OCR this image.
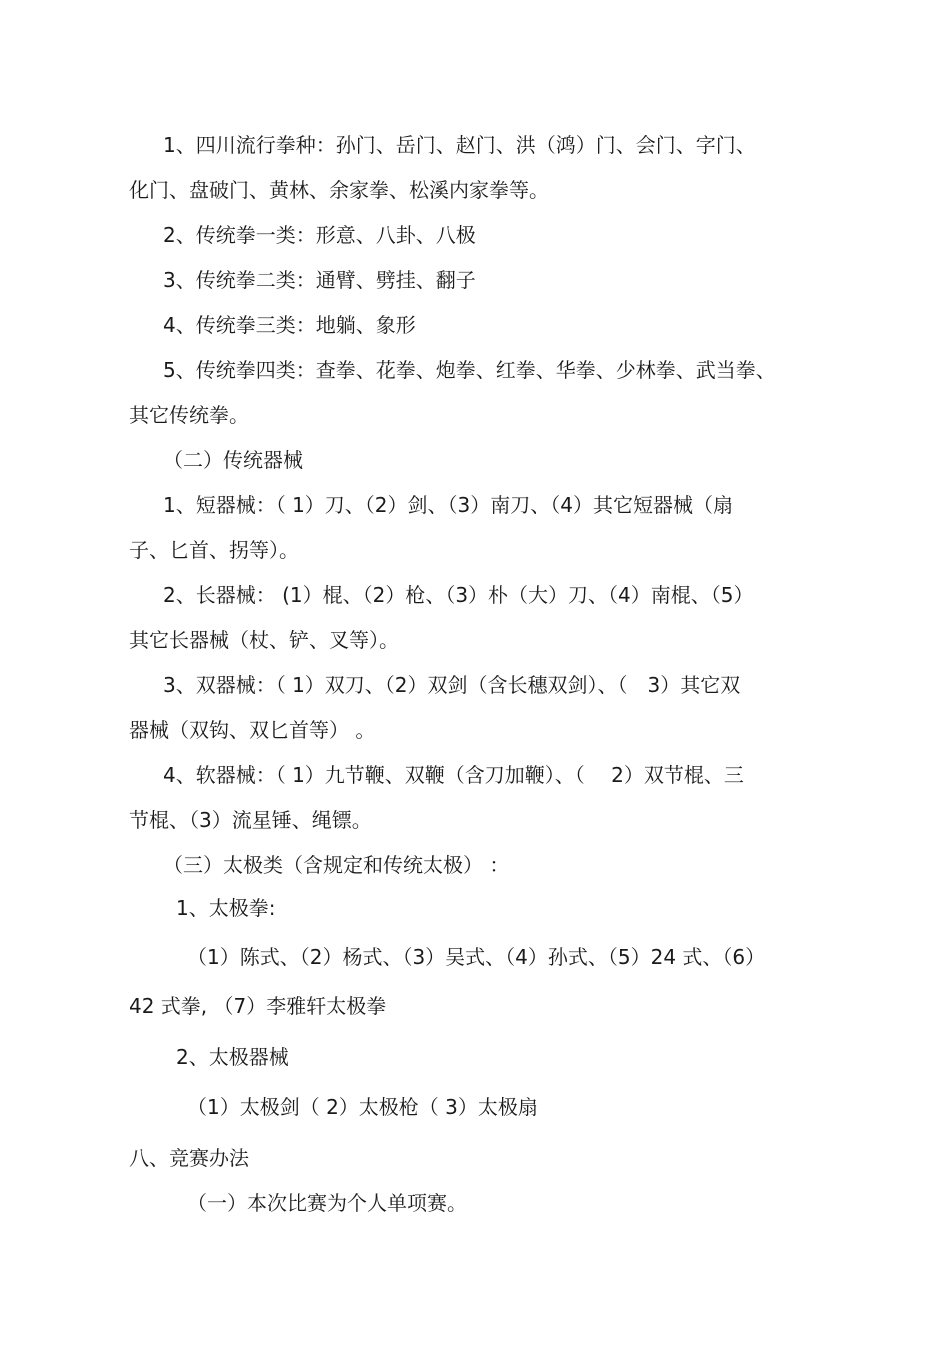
1、四川流行拳种：孙门、岳门、赵门、洪（鸿）门、会门、字门、
化门、盘破门、黄林、余家拳、松溪内家拳等。
2、传统拳一类：形意、八卦、八极
3、传统拳二类：通臂、劈挂、翻子
4、传统拳三类：地躺、象形
5、传统拳四类：查拳、花拳、炮拳、红拳、华拳、少林拳、武当拳、
其它传统拳。
（二）传统器械
1、短器械：（ 1）刀、（2）剑、（3）南刀、（4）其它短器械（扇
子、匕首、拐等）。
2、长器械： (1）棍、（2）枪、（3）朴（大）刀、（4）南棍、（5）
其它长器械（杖、铲、叉等）。
3、双器械：（ 1）双刀、（2）双剑（含长穗双剑）、（　3）其它双
器械（双钩、双匕首等） 。
4、软器械：（ 1）九节鞭、双鞭（含刀加鞭）、（　 2）双节棍、三
节棍、（3）流星锤、绳镖。
（三）太极类（含规定和传统太极） ：
1、太极拳:
（1）陈式、（2）杨式、（3）吴式、（4）孙式、（5）24 式、（6）
42 式拳, （7）李雅轩太极拳
2、太极器械
（1）太极剑（ 2）太极枪（ 3）太极扇
八、竞赛办法
（一）本次比赛为个人单项赛。
